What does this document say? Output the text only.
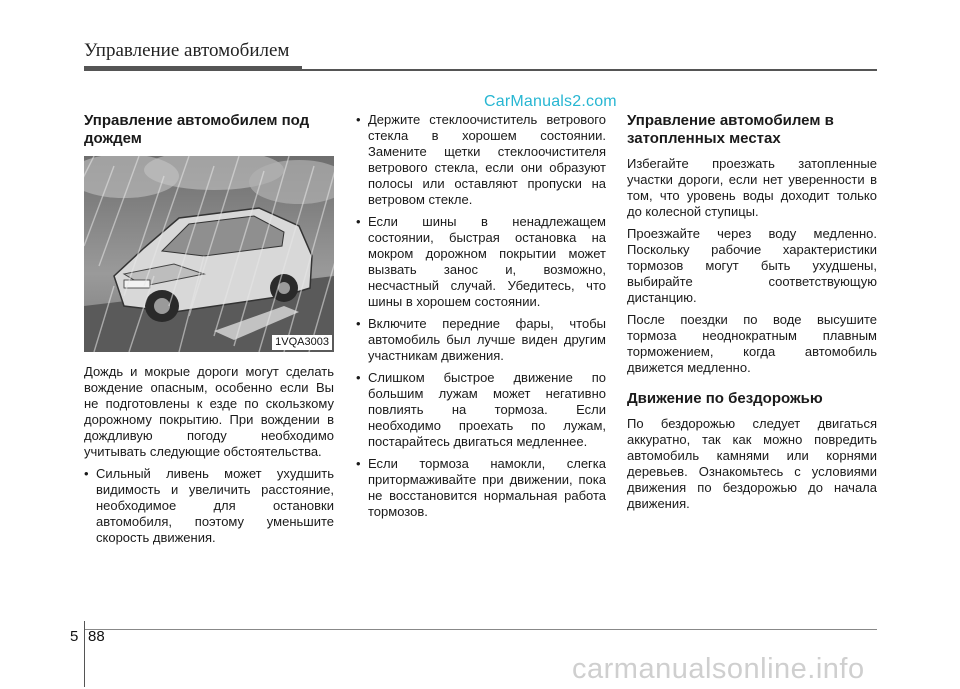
Управление автомобилем
CarManuals2.com
Управление автомобилем под дождем
1VQA3003

Дождь и мокрые дороги могут сделать вождение опасным, особенно если Вы не подготовлены к езде по скользкому дорожному покрытию. При вождении в дождливую погоду необходимо учитывать следующие обстоятельства.

• Сильный ливень может ухудшить видимость и увеличить расстояние, необходимое для остановки автомобиля, поэтому уменьшите скорость движения.
• Держите стеклоочиститель ветрового стекла в хорошем состоянии. Замените щетки стеклоочистителя ветрового стекла, если они образуют полосы или оставляют пропуски на ветровом стекле.
• Если шины в ненадлежащем состоянии, быстрая остановка на мокром дорожном покрытии может вызвать занос и, возможно, несчастный случай. Убедитесь, что шины в хорошем состоянии.
• Включите передние фары, чтобы автомобиль был лучше виден другим участникам движения.
• Слишком быстрое движение по большим лужам может негативно повлиять на тормоза. Если необходимо проехать по лужам, постарайтесь двигаться медленнее.
• Если тормоза намокли, слегка притормаживайте при движении, пока не восстановится нормальная работа тормозов.
Управление автомобилем в затопленных местах

Избегайте проезжать затопленные участки дороги, если нет уверенности в том, что уровень воды доходит только до колесной ступицы.

Проезжайте через воду медленно. Поскольку рабочие характеристики тормозов могут быть ухудшены, выбирайте соответствующую дистанцию.

После поездки по воде высушите тормоза неоднократным плавным торможением, когда автомобиль движется медленно.

Движение по бездорожью

По бездорожью следует двигаться аккуратно, так как можно повредить автомобиль камнями или корнями деревьев. Ознакомьтесь с условиями движения по бездорожью до начала движения.

5 88
carmanualsonline.info
